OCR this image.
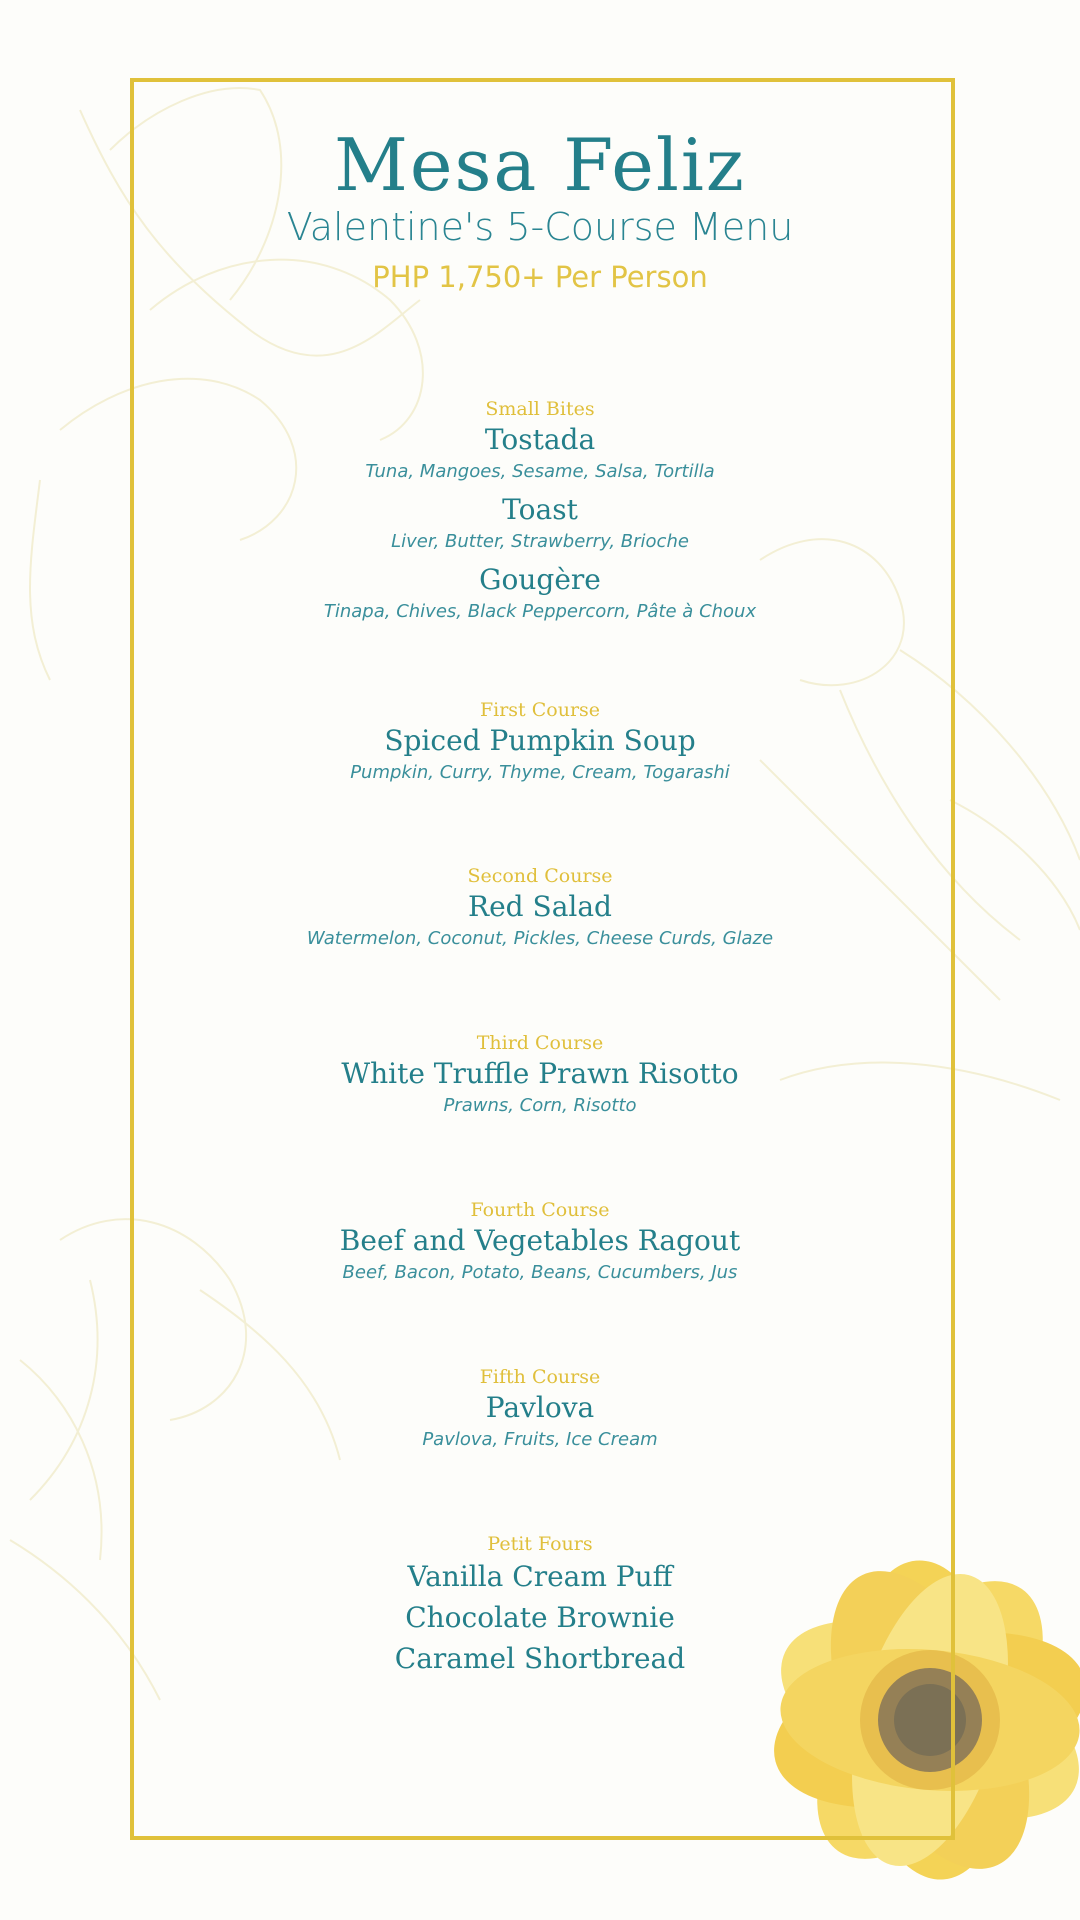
Mesa Feliz
Valentine's 5-Course Menu
PHP 1,750+ Per Person
Small Bites
Tostada
Tuna, Mangoes, Sesame, Salsa, Tortilla
Toast
Liver, Butter, Strawberry, Brioche
Gougère
Tinapa, Chives, Black Peppercorn, Pâte à Choux
First Course
Spiced Pumpkin Soup
Pumpkin, Curry, Thyme, Cream, Togarashi
Second Course
Red Salad
Watermelon, Coconut, Pickles, Cheese Curds, Glaze
Third Course
White Truffle Prawn Risotto
Prawns, Corn, Risotto
Fourth Course
Beef and Vegetables Ragout
Beef, Bacon, Potato, Beans, Cucumbers, Jus
Fifth Course
Pavlova
Pavlova, Fruits, Ice Cream
Petit Fours
Vanilla Cream Puff
Chocolate Brownie
Caramel Shortbread
